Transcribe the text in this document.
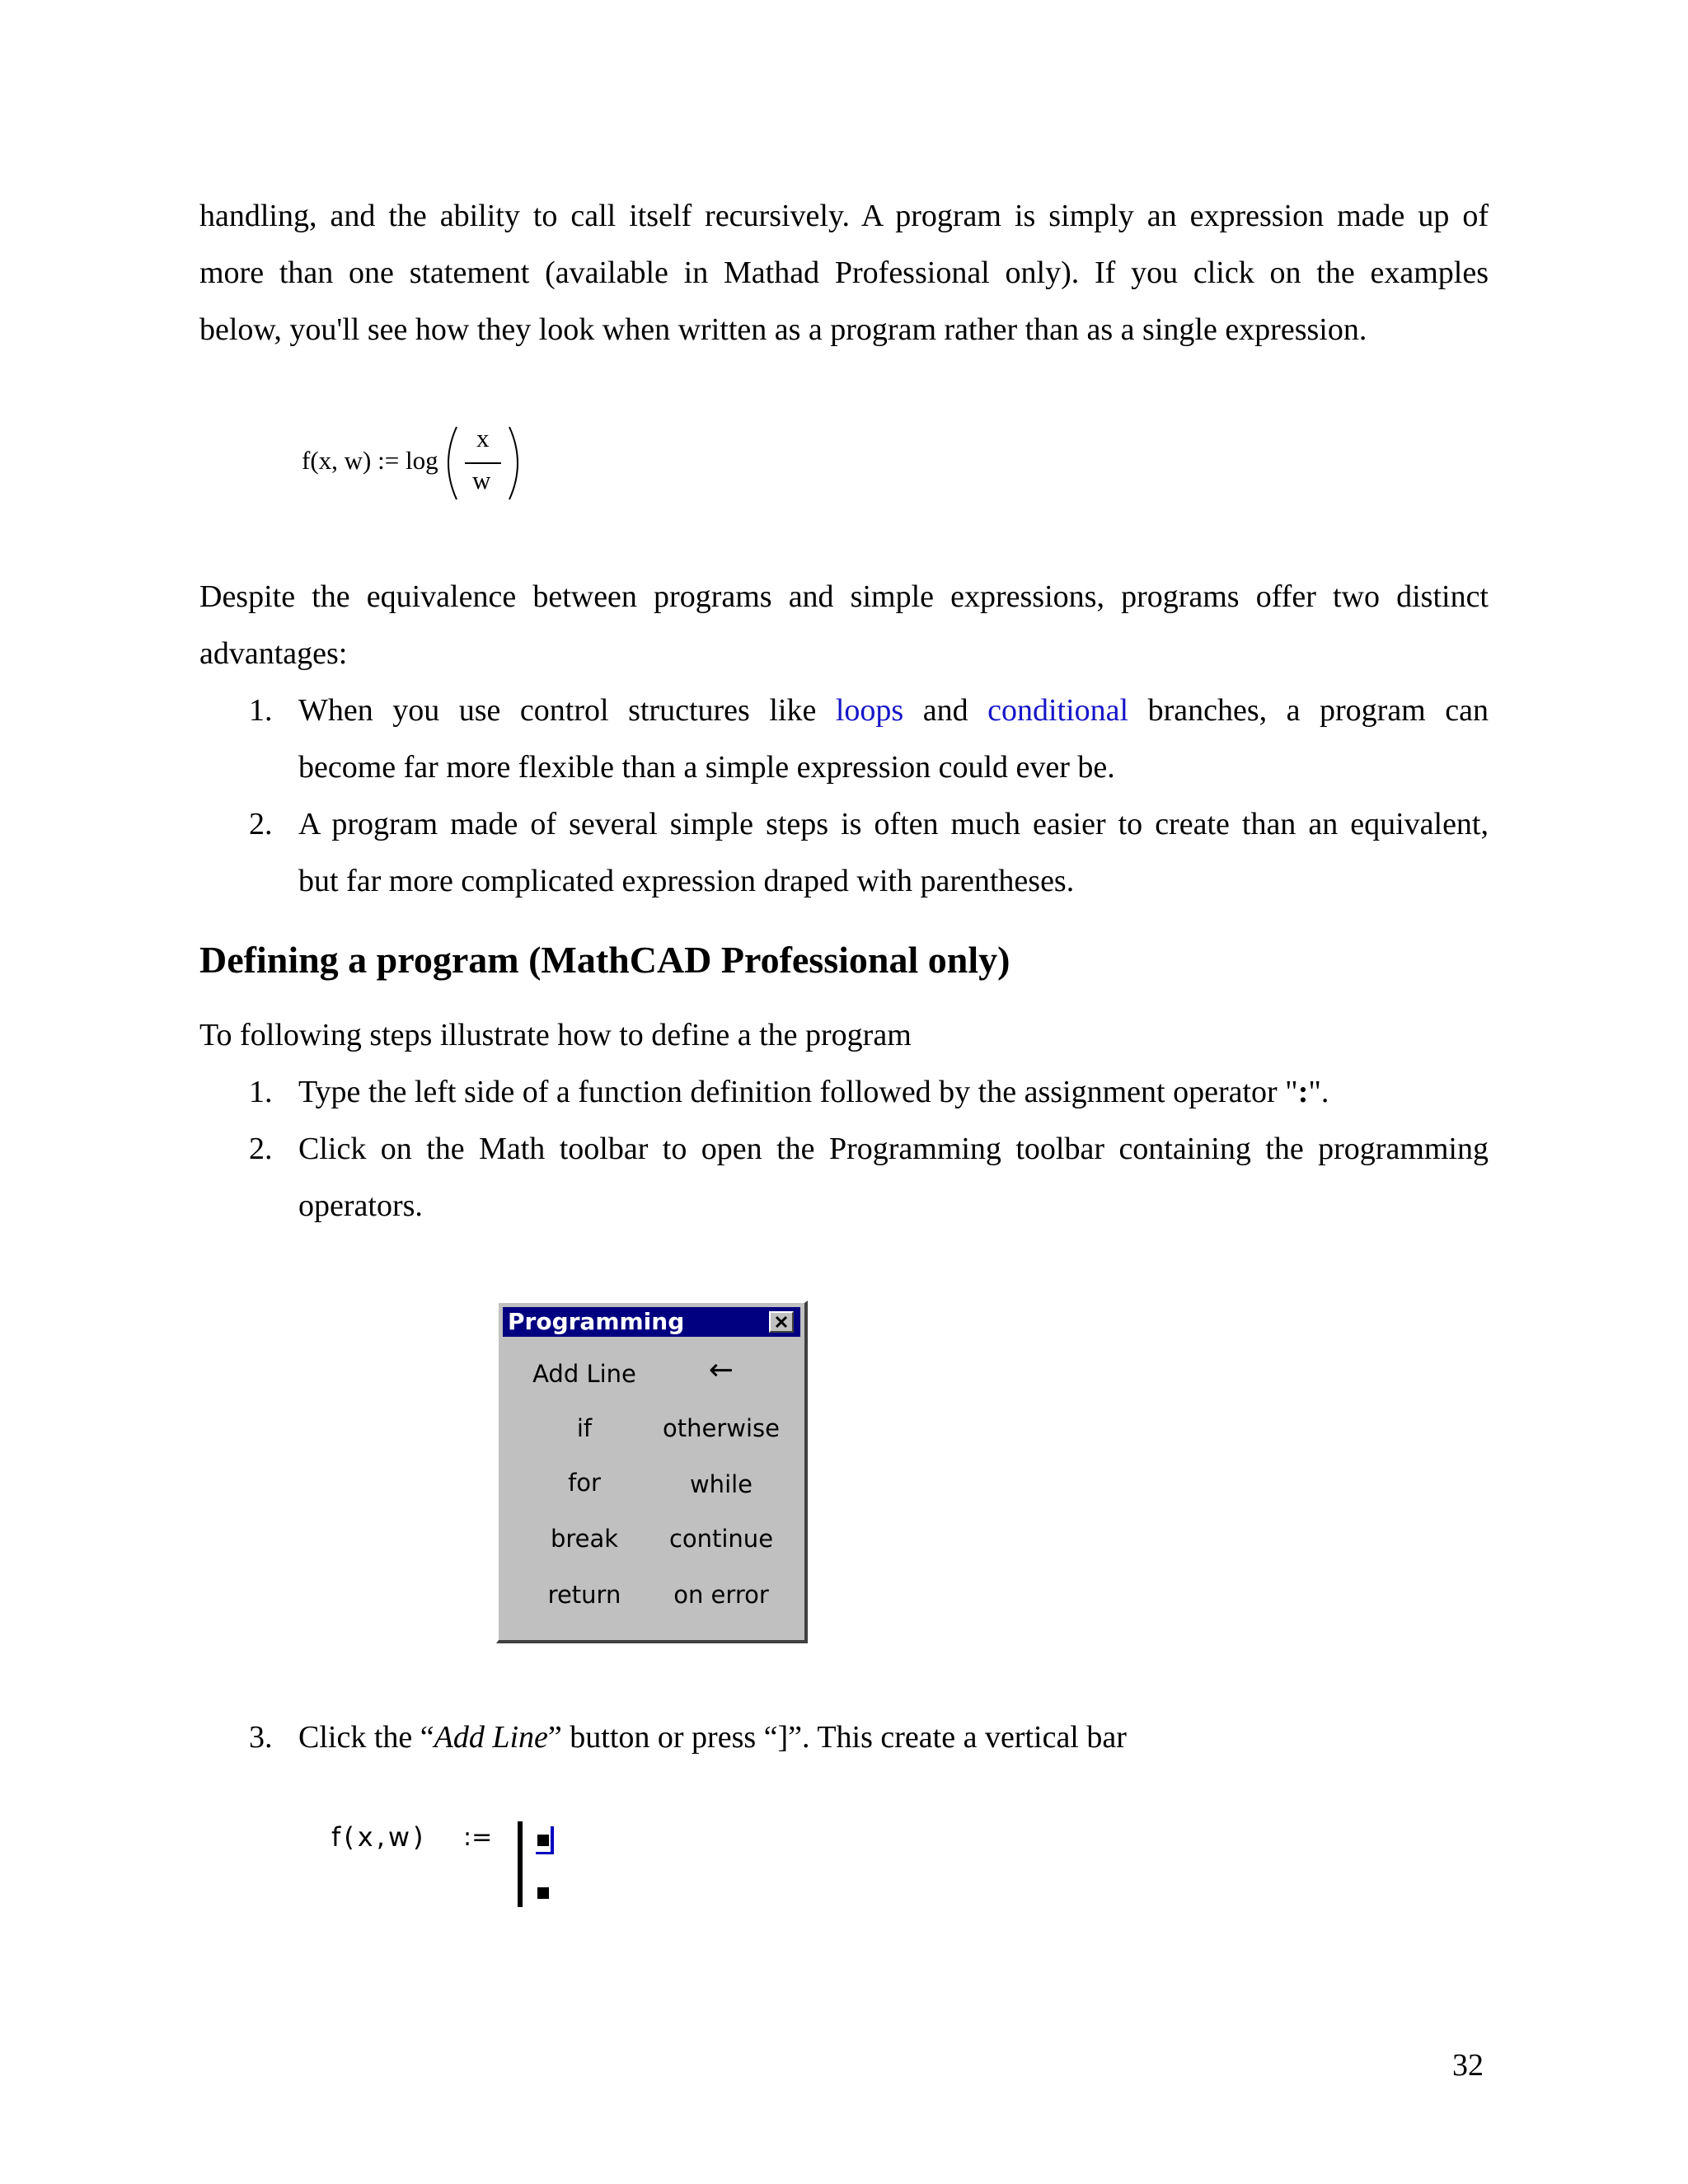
handling, and the ability to call itself recursively. A program is simply an expression made up of
more than one statement (available in Mathad Professional only). If you click on the examples
below, you'll see how they look when written as a program rather than as a single expression.
f(x, w) := log
x
w
Despite the equivalence between programs and simple expressions, programs offer two distinct
advantages:
1. When you use control structures like loops and conditional branches, a program can
become far more flexible than a simple expression could ever be.
2. A program made of several simple steps is often much easier to create than an equivalent,
but far more complicated expression draped with parentheses.
Defining a program (MathCAD Professional only)
To following steps illustrate how to define a the program
1. Type the left side of a function definition followed by the assignment operator ":".
2. Click on the Math toolbar to open the Programming toolbar containing the programming
operators.
Programming
Add Line	←
if	otherwise
for	while
break	continue
return	on error
3. Click the “Add Line” button or press “]”. This create a vertical bar
f(x,w) :=
32
